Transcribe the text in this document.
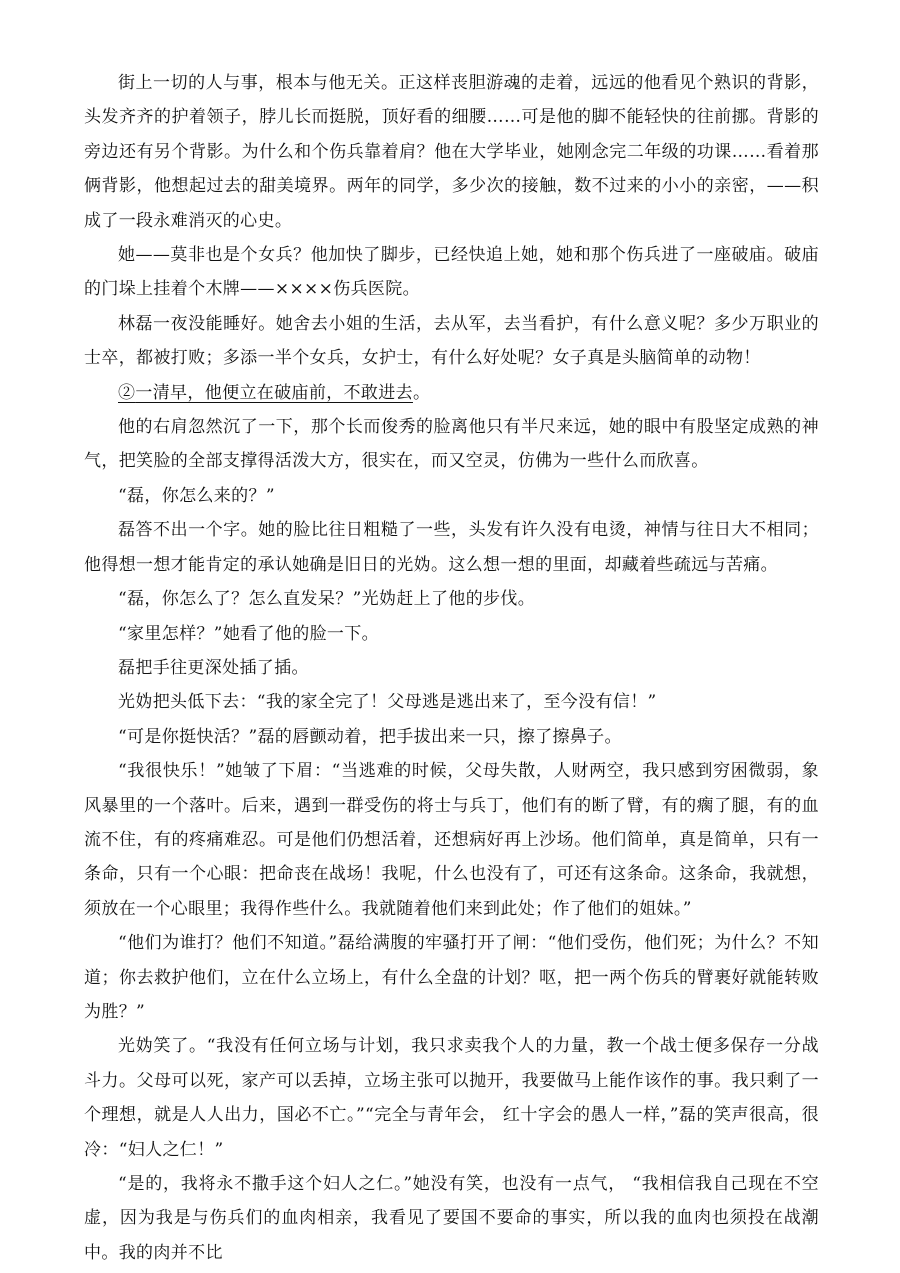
街上一切的人与事，根本与他无关。正这样丧胆游魂的走着，远远的他看见个熟识的背影，头发齐齐的护着领子，脖儿长而挺脱，顶好看的细腰……可是他的脚不能轻快的往前挪。背影的旁边还有另个背影。为什么和个伤兵靠着肩？他在大学毕业，她刚念完二年级的功课……看着那俩背影，他想起过去的甜美境界。两年的同学，多少次的接触，数不过来的小小的亲密，——积成了一段永难消灭的心史。

她——莫非也是个女兵？他加快了脚步，已经快追上她，她和那个伤兵进了一座破庙。破庙的门垛上挂着个木牌——××××伤兵医院。

林磊一夜没能睡好。她舍去小姐的生活，去从军，去当看护，有什么意义呢？多少万职业的士卒，都被打败；多添一半个女兵，女护士，有什么好处呢？女子真是头脑简单的动物！

②一清早，他便立在破庙前，不敢进去。

他的右肩忽然沉了一下，那个长而俊秀的脸离他只有半尺来远，她的眼中有股坚定成熟的神气，把笑脸的全部支撑得活泼大方，很实在，而又空灵，仿佛为一些什么而欣喜。

“磊，你怎么来的？”

磊答不出一个字。她的脸比往日粗糙了一些，头发有许久没有电烫，神情与往日大不相同；他得想一想才能肯定的承认她确是旧日的光妫。这么想一想的里面，却藏着些疏远与苦痛。

“磊，你怎么了？怎么直发呆？”光妫赶上了他的步伐。

“家里怎样？”她看了他的脸一下。

磊把手往更深处插了插。

光妫把头低下去：“我的家全完了！父母逃是逃出来了，至今没有信！”

“可是你挺快活？”磊的唇颤动着，把手拔出来一只，擦了擦鼻子。

“我很快乐！”她皱了下眉：“当逃难的时候，父母失散，人财两空，我只感到穷困微弱，象风暴里的一个落叶。后来，遇到一群受伤的将士与兵丁，他们有的断了臂，有的瘸了腿，有的血流不住，有的疼痛难忍。可是他们仍想活着，还想病好再上沙场。他们简单，真是简单，只有一条命，只有一个心眼：把命丧在战场！我呢，什么也没有了，可还有这条命。这条命，我就想，须放在一个心眼里；我得作些什么。我就随着他们来到此处；作了他们的姐妹。”

“他们为谁打？他们不知道。”磊给满腹的牢骚打开了闸：“他们受伤，他们死；为什么？不知道；你去救护他们，立在什么立场上，有什么全盘的计划？呕，把一两个伤兵的臂裹好就能转败为胜？”

光妫笑了。“我没有任何立场与计划，我只求卖我个人的力量，教一个战士便多保存一分战斗力。父母可以死，家产可以丢掉，立场主张可以抛开，我要做马上能作该作的事。我只剩了一个理想，就是人人出力，国必不亡。”“完全与青年会， 红十字会的愚人一样，”磊的笑声很高，很冷：“妇人之仁！”

“是的，我将永不撒手这个妇人之仁。”她没有笑，也没有一点气， “我相信我自己现在不空虚，因为我是与伤兵们的血肉相亲，我看见了要国不要命的事实，所以我的血肉也须投在战潮中。我的肉并不比
